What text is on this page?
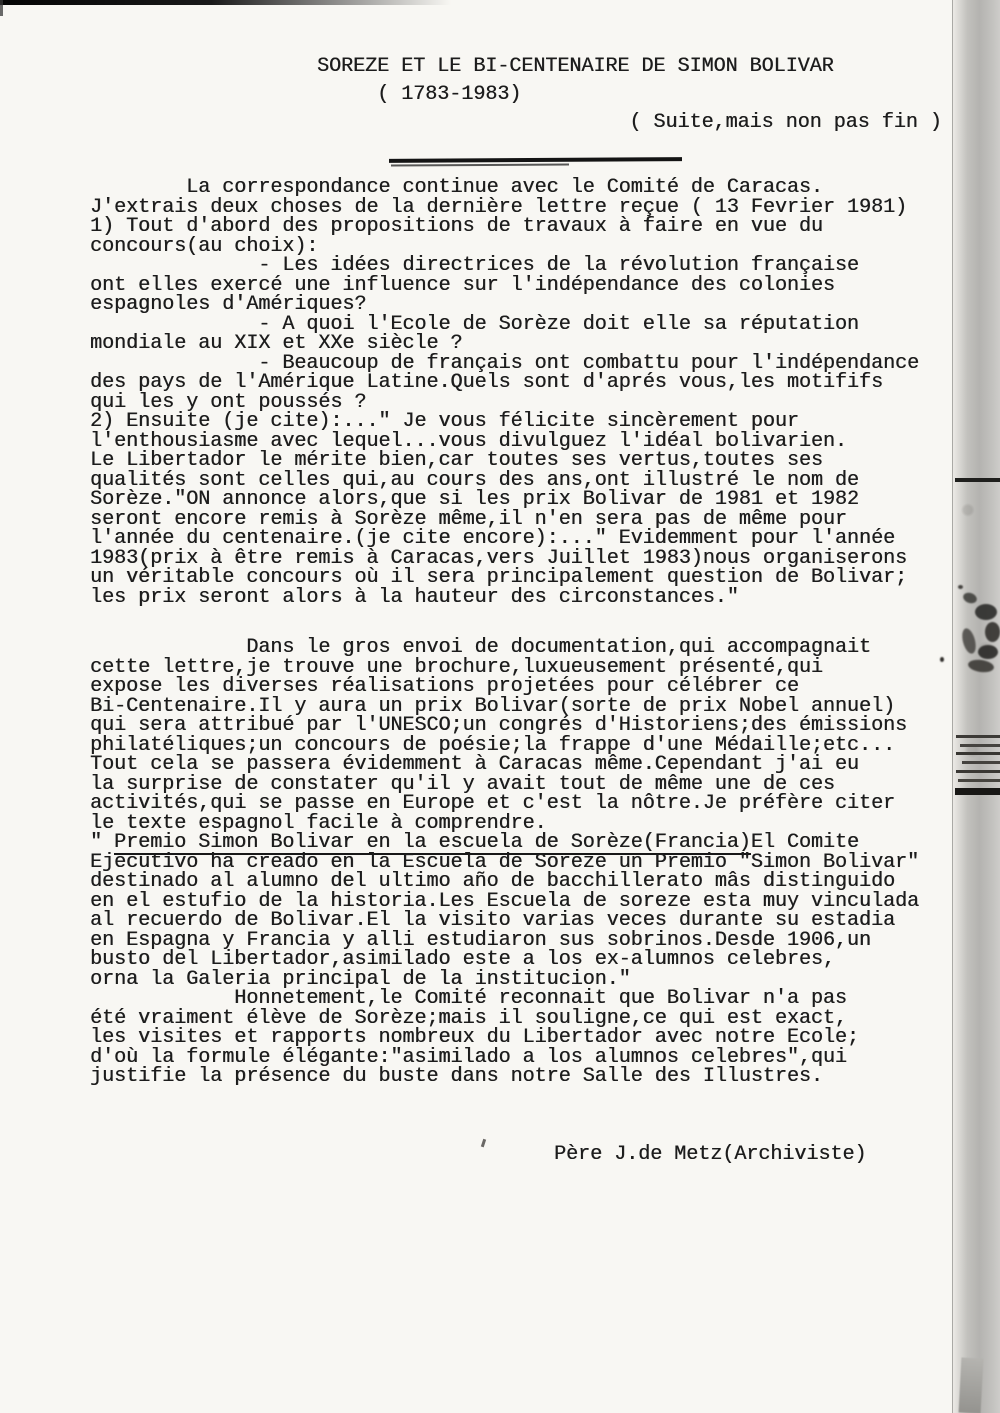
SOREZE ET LE BI-CENTENAIRE DE SIMON BOLIVAR
( 1783-1983)
( Suite,mais non pas fin )
La correspondance continue avec le Comité de Caracas.
J'extrais deux choses de la dernière lettre reçue ( 13 Fevrier 1981)
1) Tout d'abord des propositions de travaux à faire en vue du
concours(au choix):
- Les idées directrices de la révolution française
ont elles exercé une influence sur l'indépendance des colonies
espagnoles d'Amériques?
- A quoi l'Ecole de Sorèze doit elle sa réputation
mondiale au XIX et XXe siècle ?
- Beaucoup de français ont combattu pour l'indépendance
des pays de l'Amérique Latine.Quels sont d'aprés vous,les motififs
qui les y ont poussés ?
2) Ensuite (je cite):..." Je vous félicite sincèrement pour
l'enthousiasme avec lequel...vous divulguez l'idéal bolivarien.
Le Libertador le mérite bien,car toutes ses vertus,toutes ses
qualités sont celles qui,au cours des ans,ont illustré le nom de
Sorèze."ON annonce alors,que si les prix Bolivar de 1981 et 1982
seront encore remis à Sorèze même,il n'en sera pas de même pour
l'année du centenaire.(je cite encore):..." Evidemment pour l'année
1983(prix à être remis à Caracas,vers Juillet 1983)nous organiserons
un véritable concours où il sera principalement question de Bolivar;
les prix seront alors à la hauteur des circonstances."
Dans le gros envoi de documentation,qui accompagnait
cette lettre,je trouve une brochure,luxueusement présenté,qui
expose les diverses réalisations projetées pour célébrer ce
Bi-Centenaire.Il y aura un prix Bolivar(sorte de prix Nobel annuel)
qui sera attribué par l'UNESCO;un congrés d'Historiens;des émissions
philatéliques;un concours de poésie;la frappe d'une Médaille;etc...
Tout cela se passera évidemment à Caracas même.Cependant j'ai eu
la surprise de constater qu'il y avait tout de même une de ces
activités,qui se passe en Europe et c'est la nôtre.Je préfère citer
le texte espagnol facile à comprendre.
" Premio Simon Bolivar en la escuela de Sorèze(Francia)El Comite
Ejecutivo ha creado en la Escuela de Soreze un Premio "Simon Bolivar"
destinado al alumno del ultimo año de bacchillerato mâs distinguido
en el estufio de la historia.Les Escuela de soreze esta muy vinculada
al recuerdo de Bolivar.El la visito varias veces durante su estadia
en Espagna y Francia y alli estudiaron sus sobrinos.Desde 1906,un
busto del Libertador,asimilado este a los ex-alumnos celebres,
orna la Galeria principal de la institucion."
Honnetement,le Comité reconnait que Bolivar n'a pas
été vraiment élève de Sorèze;mais il souligne,ce qui est exact,
les visites et rapports nombreux du Libertador avec notre Ecole;
d'où la formule élégante:"asimilado a los alumnos celebres",qui
justifie la présence du buste dans notre Salle des Illustres.
Père J.de Metz(Archiviste)
